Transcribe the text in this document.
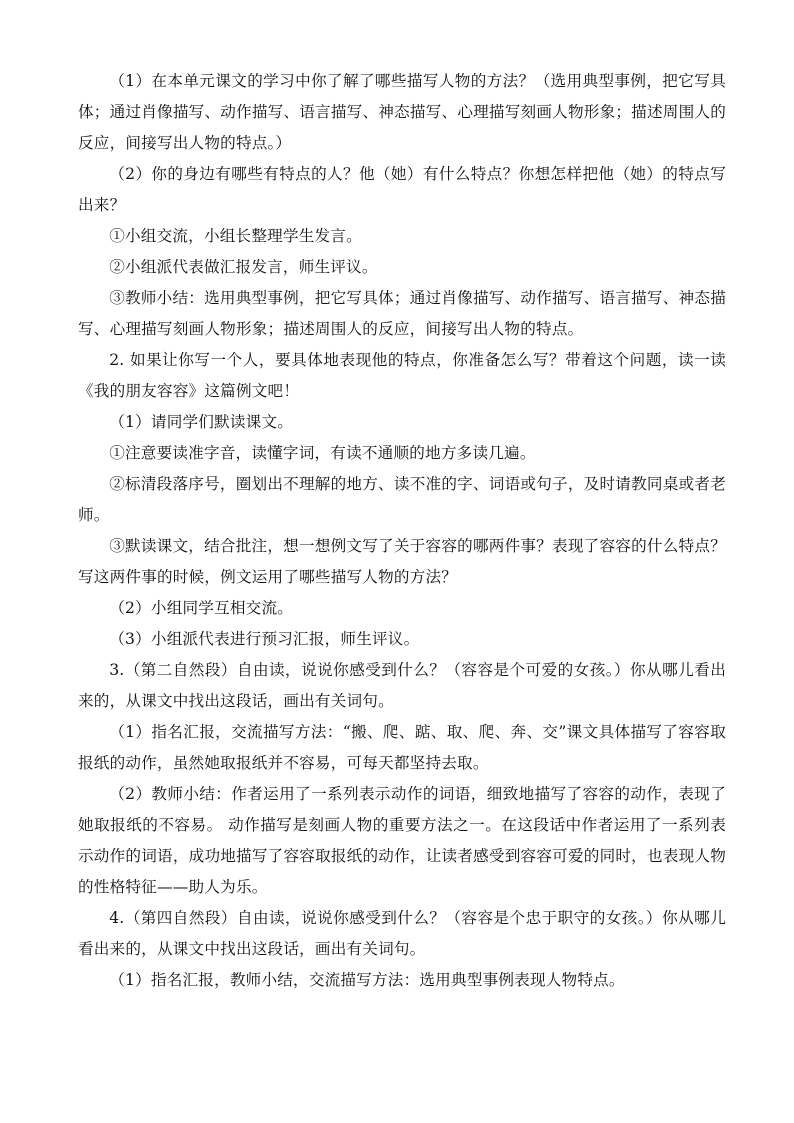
（1）在本单元课文的学习中你了解了哪些描写人物的方法？（选用典型事例，把它写具体；通过肖像描写、动作描写、语言描写、神态描写、心理描写刻画人物形象；描述周围人的反应，间接写出人物的特点。）

（2）你的身边有哪些有特点的人？他（她）有什么特点？你想怎样把他（她）的特点写出来？

①小组交流，小组长整理学生发言。

②小组派代表做汇报发言，师生评议。

③教师小结：选用典型事例，把它写具体；通过肖像描写、动作描写、语言描写、神态描写、心理描写刻画人物形象；描述周围人的反应，间接写出人物的特点。

2. 如果让你写一个人，要具体地表现他的特点，你准备怎么写？带着这个问题，读一读《我的朋友容容》这篇例文吧！

（1）请同学们默读课文。

①注意要读准字音，读懂字词，有读不通顺的地方多读几遍。

②标清段落序号，圈划出不理解的地方、读不准的字、词语或句子，及时请教同桌或者老师。

③默读课文，结合批注，想一想例文写了关于容容的哪两件事？表现了容容的什么特点？写这两件事的时候，例文运用了哪些描写人物的方法？

（2）小组同学互相交流。

（3）小组派代表进行预习汇报，师生评议。

3.（第二自然段）自由读，说说你感受到什么？（容容是个可爱的女孩。）你从哪儿看出来的，从课文中找出这段话，画出有关词句。

（1）指名汇报，交流描写方法：“搬、爬、踮、取、爬、奔、交”课文具体描写了容容取报纸的动作，虽然她取报纸并不容易，可每天都坚持去取。

（2）教师小结：作者运用了一系列表示动作的词语，细致地描写了容容的动作，表现了她取报纸的不容易。 动作描写是刻画人物的重要方法之一。在这段话中作者运用了一系列表示动作的词语，成功地描写了容容取报纸的动作，让读者感受到容容可爱的同时，也表现人物的性格特征——助人为乐。

4.（第四自然段）自由读，说说你感受到什么？（容容是个忠于职守的女孩。）你从哪儿看出来的，从课文中找出这段话，画出有关词句。

（1）指名汇报，教师小结，交流描写方法：选用典型事例表现人物特点。
